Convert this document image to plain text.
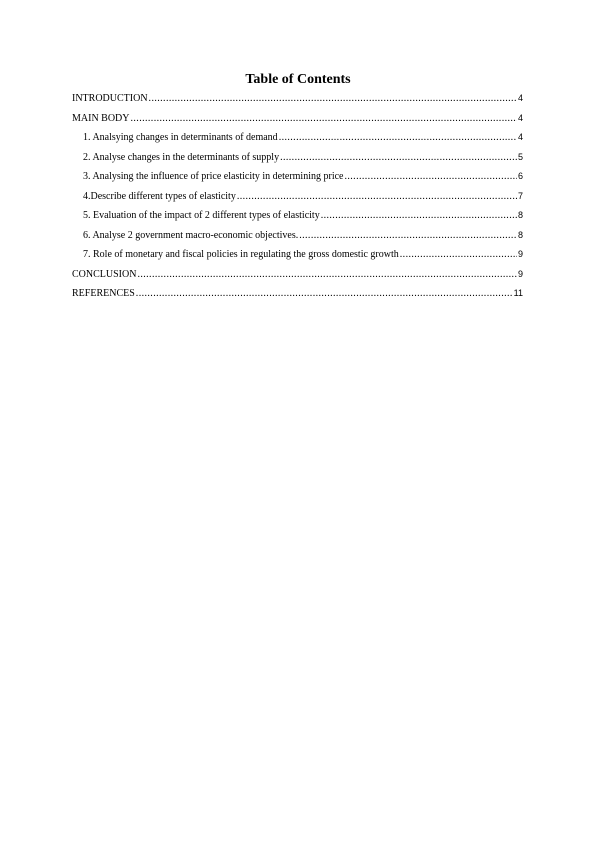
Table of Contents
INTRODUCTION .....	4
MAIN BODY .....	4
1. Analsying changes in determinants of demand .....	4
2. Analyse changes in the determinants of supply .....	5
3. Analysing the influence of price elasticity in determining price .....	6
4.Describe different types of elasticity .....	7
5. Evaluation of the impact of 2 different types of elasticity .....	8
6. Analyse 2 government macro-economic objectives. .....	8
7. Role of monetary and fiscal policies in regulating the gross domestic growth .....	9
CONCLUSION .....	9
REFERENCES .....	11
